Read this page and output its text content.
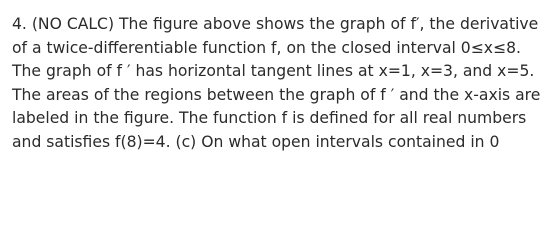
4. (NO CALC) The figure above shows the graph of f′, the derivative of a twice-differentiable function f, on the closed interval 0≤x≤8. The graph of f ′ has horizontal tangent lines at x=1, x=3, and x=5. The areas of the regions between the graph of f ′ and the x-axis are labeled in the figure. The function f is defined for all real numbers and satisfies f(8)=4. (c) On what open intervals contained in 0
